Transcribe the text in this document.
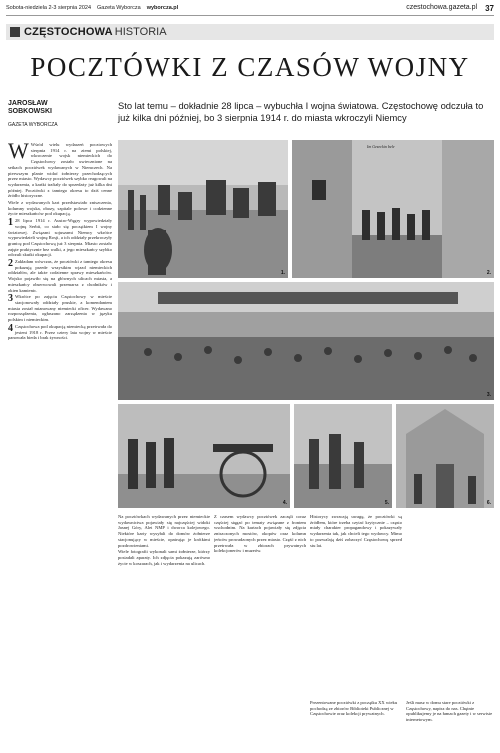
Sobota-niedziela 2-3 sierpnia 2024 Gazeta Wyborcza wyborcza.pl	czestochowa.gazeta.pl 37
CZĘSTOCHOWA HISTORIA
POCZTÓWKI Z CZASÓW WOJNY
JAROSŁAW
SOBKOWSKI
GAZETA WYBORCZA
Sto lat temu – dokładnie 28 lipca – wybuchła I wojna światowa. Częstochowę odczuła to już kilka dni później, bo 3 sierpnia 1914 r. do miasta wkroczyli Niemcy

W Wśród wielu wydarzeń pocztowych sierpnia 1914 r. na ziemi polskiej, wkroczenie wojsk niemieckich do Częstochowy zostało uwiecznione na setkach pocztówek wydawanych w Niemczech. Na pierwszym planie widać żołnierzy przechodzących przez miasto. Wydawcy pocztówek szybko reagowali na wydarzenia, a kartki trafiały do sprzedaży już kilka dni później. Pocztówki z tamtego okresu to dziś cenne źródło historyczne.

Wiele z wydawanych kart przedstawiało zniszczenia, kolumny wojska, obozy, szpitale polowe i codzienne życie mieszkańców pod okupacją.

1 28 lipca 1914 r. Austro-Węgry wypowiedziały wojnę Serbii, co stało się początkiem I wojny światowej. Związani sojuszami Niemcy wkrótce wypowiedzieli wojnę Rosji, a ich oddziały przekroczyły granicę pod Częstochową już 3 sierpnia. Miasto zostało zajęte praktycznie bez walki, a jego mieszkańcy szybko odczuli skutki okupacji.

2 Zakładam wówczas, że pocztówki z tamtego okresu pokazują przede wszystkim wjazd niemieckich oddziałów, ale także codzienne sprawy mieszkańców. Wojsko pojawiło się na głównych ulicach miasta, a mieszkańcy obserwowali przemarsz z chodników i okien kamienic.

3 Wkrótce po zajęciu Częstochowy w mieście stacjonowały oddziały pruskie, a komendantem miasta został mianowany niemiecki oficer. Wydawano rozporządzenia, ogłaszano zarządzenia w języku polskim i niemieckim.

4 Częstochowa pod okupacją niemiecką przetrwała do jesieni 1918 r. Przez cztery lata wojny w mieście panowała bieda i brak żywności.

1.
Im Gezeckin bele
2.
3.
4.	5.	6.

Na pocztówkach wydawanych przez niemieckie wydawnictwa pojawiały się najczęściej widoki Jasnej Góry, Alei NMP i dworca kolejowego. Niektóre karty wysyłali do domów żołnierze stacjonujący w mieście, opatrując je krótkimi pozdrowieniami.

Wiele fotografii wykonali sami żołnierze, którzy posiadali aparaty. Ich zdjęcia pokazują zarówno życie w koszarach, jak i wydarzenia na ulicach.

Z czasem wydawcy pocztówek zaczęli coraz częściej sięgać po tematy związane z frontem wschodnim. Na kartach pojawiały się zdjęcia zniszczonych mostów, okopów oraz kolumn jeńców prowadzonych przez miasto. Część z nich przetrwała w zbiorach prywatnych kolekcjonerów i muzeów.

Historycy zwracają uwagę, że pocztówki są źródłem, które trzeba czytać krytycznie – często miały charakter propagandowy i pokazywały wydarzenia tak, jak chcieli tego wydawcy. Mimo to pozwalają dziś zobaczyć Częstochowę sprzed stu lat.

Prezentowane pocztówki z początku XX wieku pochodzą ze zbiorów Biblioteki Publicznej w Częstochowie oraz kolekcji prywatnych.
Jeśli masz w domu stare pocztówki z Częstochowy, napisz do nas. Chętnie opublikujemy je na łamach gazety i w serwisie internetowym.
